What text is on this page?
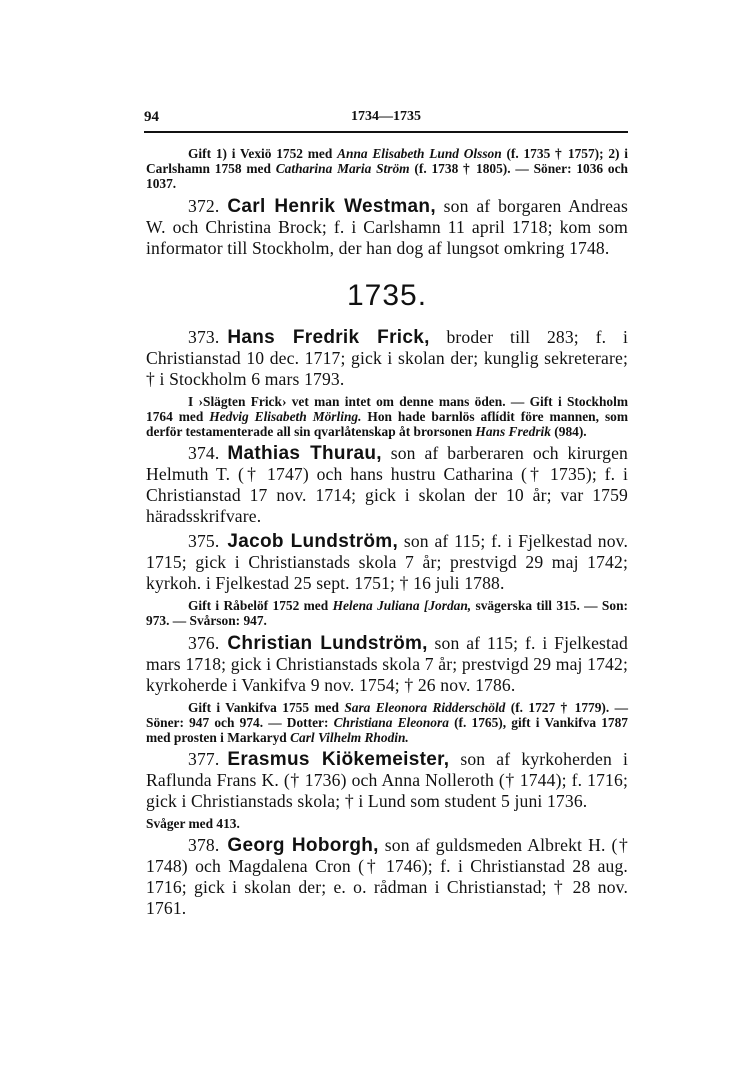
94	1734—1735

Gift 1) i Vexiö 1752 med Anna Elisabeth Lund Olsson (f. 1735 † 1757); 2) i Carlshamn 1758 med Catharina Maria Ström (f. 1738 † 1805). — Söner: 1036 och 1037.

372. Carl Henrik Westman, son af borgaren Andreas W. och Christina Brock; f. i Carlshamn 11 april 1718; kom som informator till Stockholm, der han dog af lungsot omkring 1748.

1735.

373. Hans Fredrik Frick, broder till 283; f. i Christianstad 10 dec. 1717; gick i skolan der; kunglig sekreterare; † i Stockholm 6 mars 1793.

I ›Slägten Frick› vet man intet om denne mans öden. — Gift i Stockholm 1764 med Hedvig Elisabeth Mörling. Hon hade barnlös aflídit före mannen, som derför testamenterade all sin qvarlåtenskap åt brorsonen Hans Fredrik (984).

374. Mathias Thurau, son af barberaren och kirurgen Helmuth T. († 1747) och hans hustru Catharina († 1735); f. i Christianstad 17 nov. 1714; gick i skolan der 10 år; var 1759 häradsskrifvare.

375. Jacob Lundström, son af 115; f. i Fjelkestad nov. 1715; gick i Christianstads skola 7 år; prestvigd 29 maj 1742; kyrkoh. i Fjelkestad 25 sept. 1751; † 16 juli 1788.

Gift i Råbelöf 1752 med Helena Juliana [Jordan, svägerska till 315. — Son: 973. — Svårson: 947.

376. Christian Lundström, son af 115; f. i Fjelkestad mars 1718; gick i Christianstads skola 7 år; prestvigd 29 maj 1742; kyrkoherde i Vankifva 9 nov. 1754; † 26 nov. 1786.

Gift i Vankifva 1755 med Sara Eleonora Ridderschöld (f. 1727 † 1779). — Söner: 947 och 974. — Dotter: Christiana Eleonora (f. 1765), gift i Vankifva 1787 med prosten i Markaryd Carl Vilhelm Rhodin.

377. Erasmus Kiökemeister, son af kyrkoherden i Raflunda Frans K. († 1736) och Anna Nolleroth († 1744); f. 1716; gick i Christianstads skola; † i Lund som student 5 juni 1736.

Svåger med 413.

378. Georg Hoborgh, son af guldsmeden Albrekt H. († 1748) och Magdalena Cron († 1746); f. i Christianstad 28 aug. 1716; gick i skolan der; e. o. rådman i Christianstad; † 28 nov. 1761.
